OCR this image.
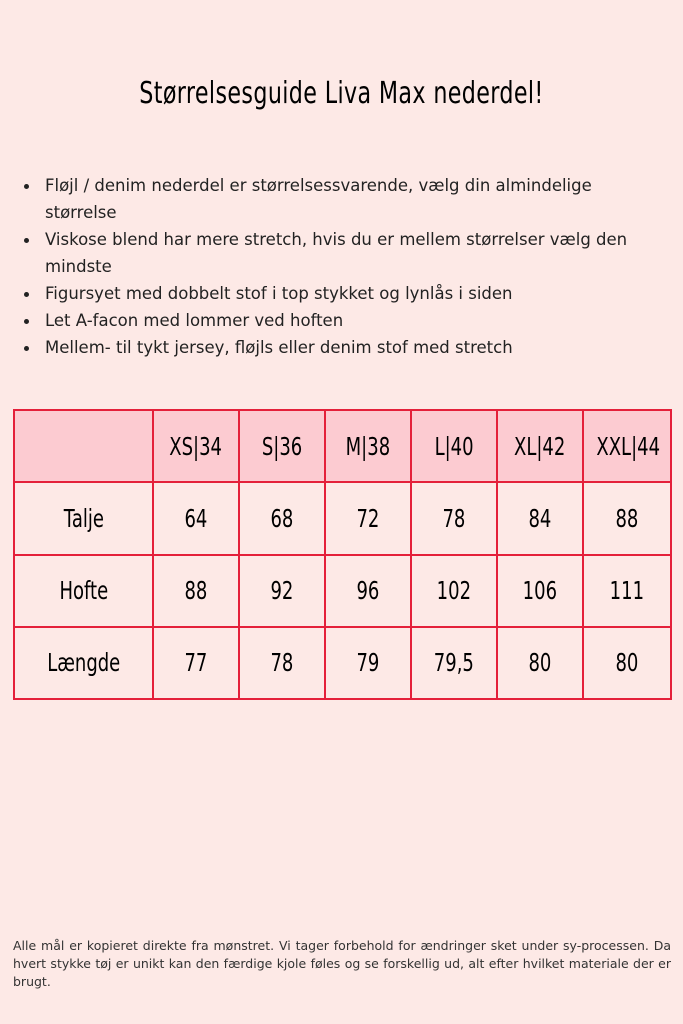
Størrelsesguide Liva Max nederdel!
Fløjl / denim nederdel er størrelsessvarende, vælg din almindelige størrelse
Viskose blend har mere stretch, hvis du er mellem størrelser vælg den mindste
Figursyet med dobbelt stof i top stykket og lynlås i siden
Let A-facon med lommer ved hoften
Mellem- til tykt jersey, fløjls eller denim stof med stretch
	XS|34	S|36	M|38	L|40	XL|42	XXL|44
Talje	64	68	72	78	84	88
Hofte	88	92	96	102	106	111
Længde	77	78	79	79,5	80	80
Alle mål er kopieret direkte fra mønstret. Vi tager forbehold for ændringer sket under sy-processen. Da hvert stykke tøj er unikt kan den færdige kjole føles og se forskellig ud, alt efter hvilket materiale der er brugt.
